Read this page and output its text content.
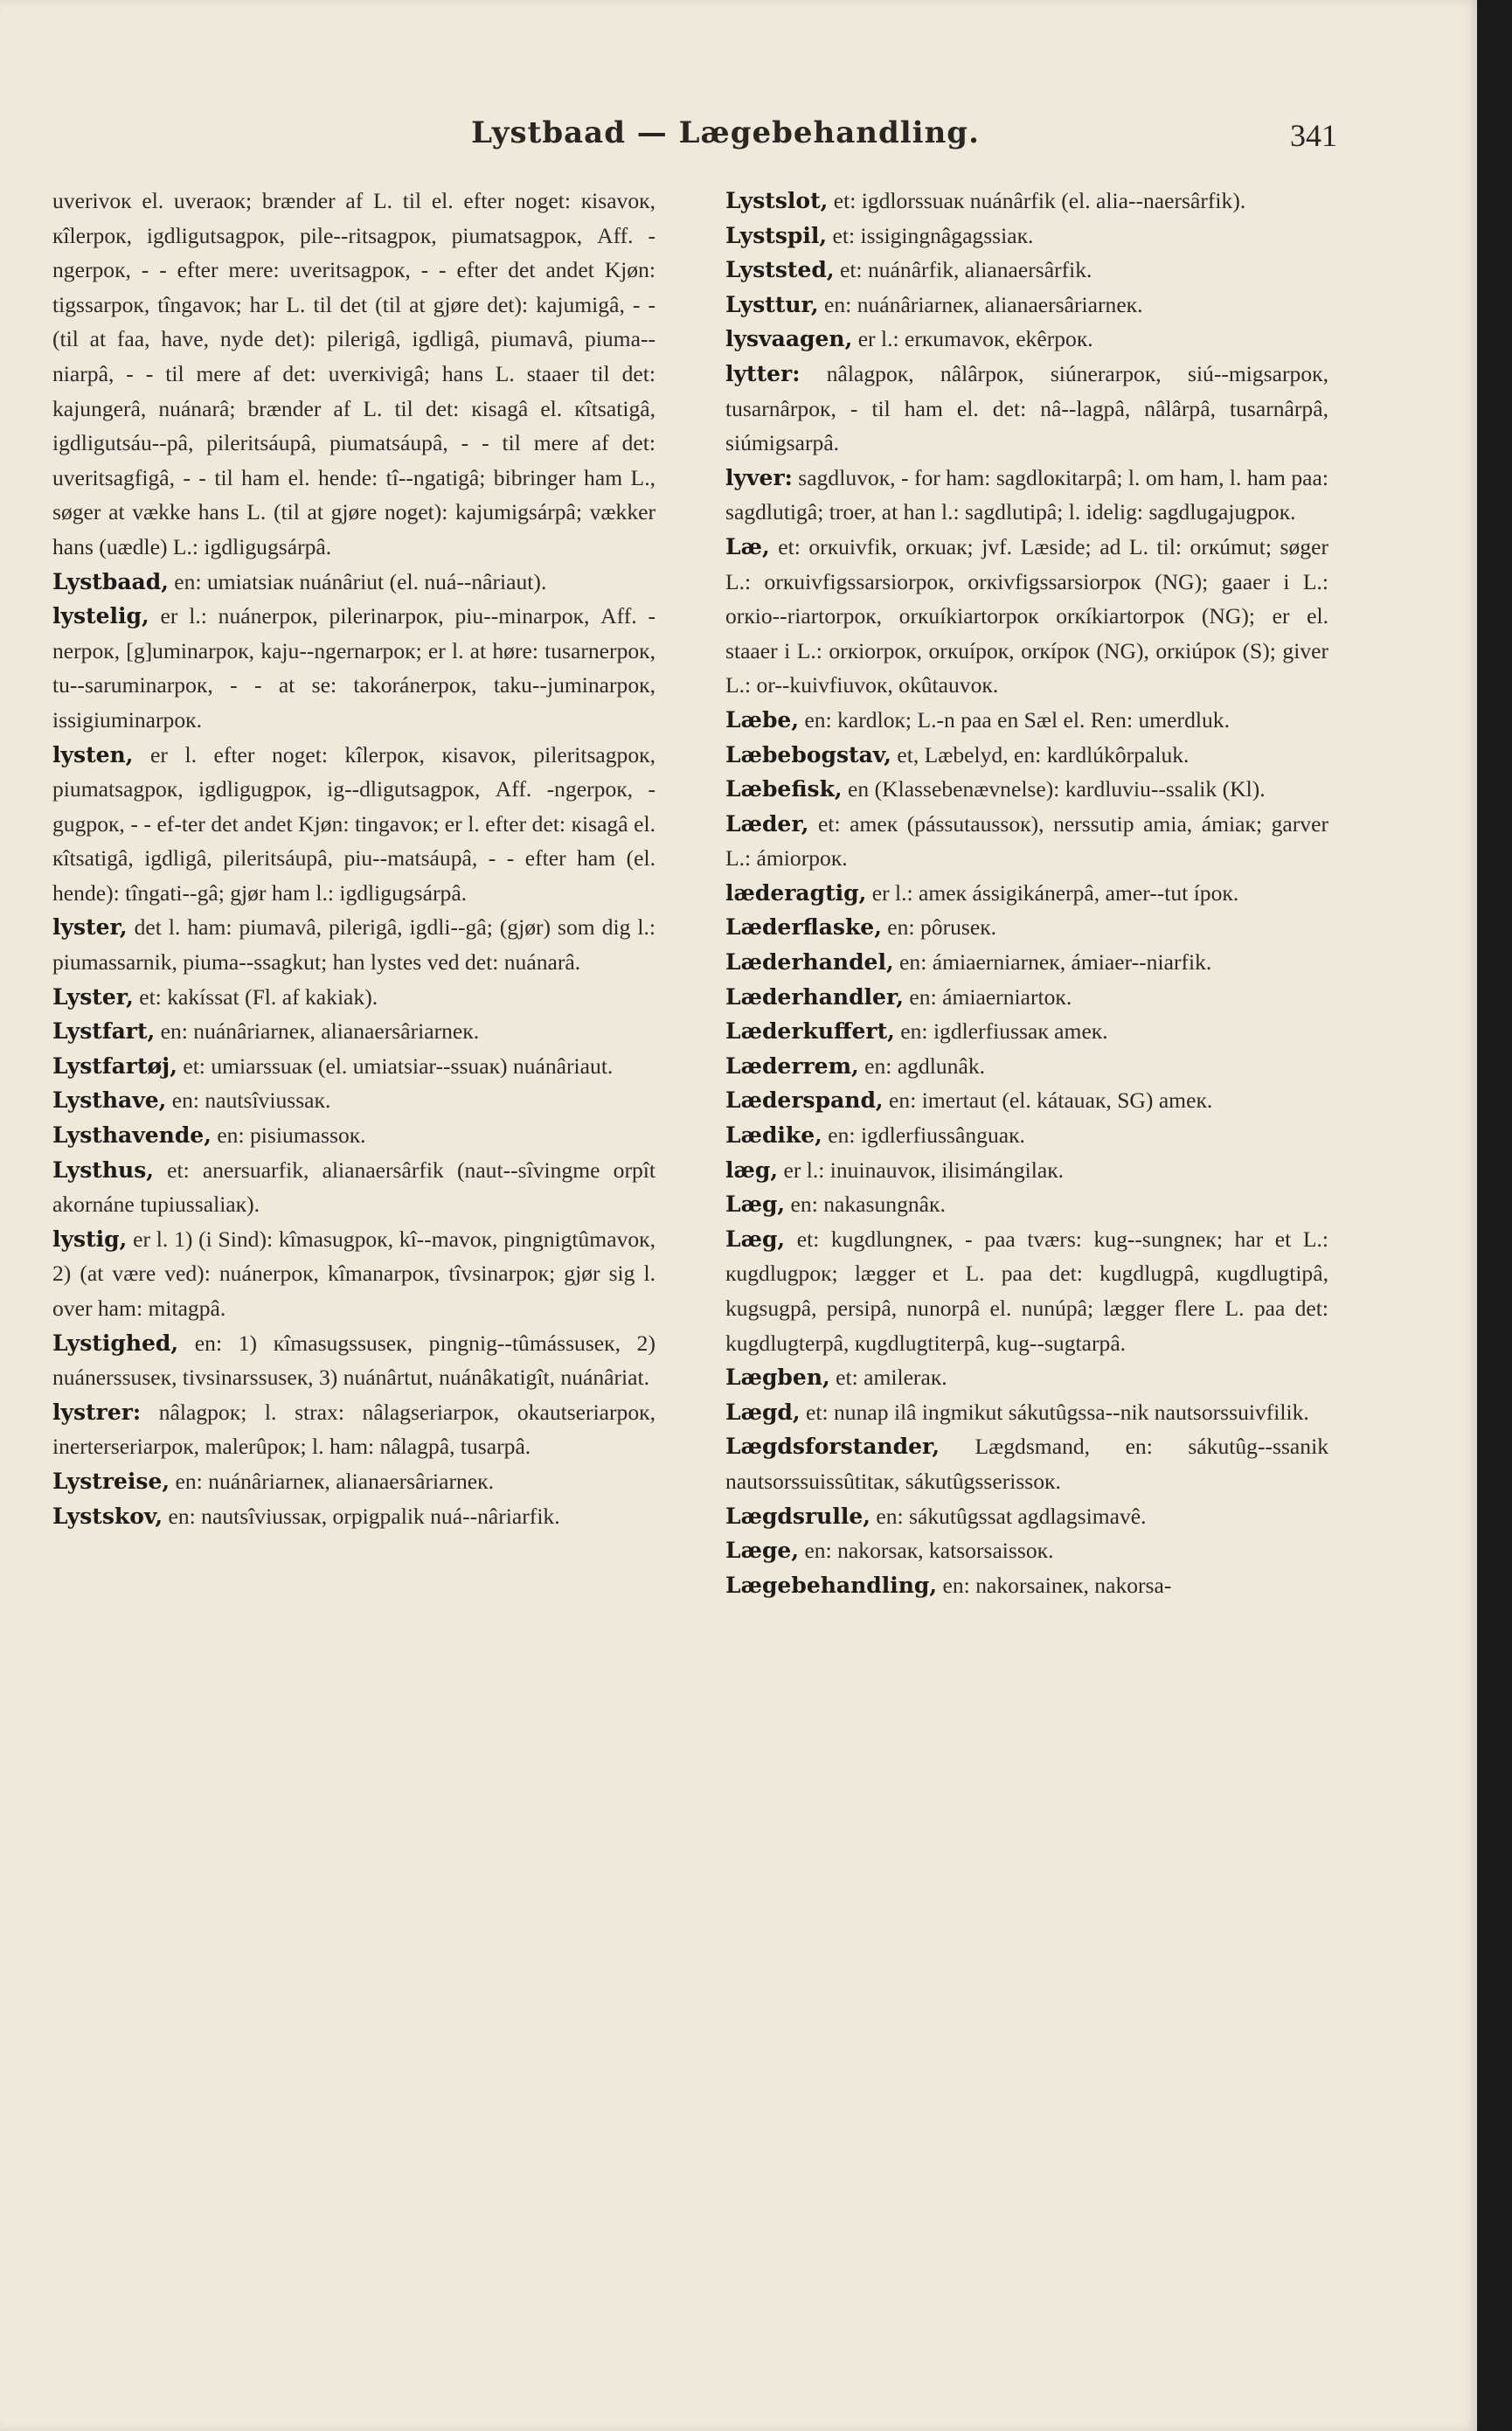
Lystbaad — Lægebehandling.	341

uverivoк el. uveraoк; brænder af L. til el. efter noget: кisavoк, кîlerpoк, igdligutsagpoк, pile--ritsagpoк, piumatsagpoк, Aff. -ngerpoк, - - efter mere: uveritsagpoк, - - efter det andet Kjøn: tigssarpoк, tîngavoк; har L. til det (til at gjøre det): kajumigâ, - - (til at faa, have, nyde det): pilerigâ, igdligâ, piumavâ, piuma--niarpâ, - - til mere af det: uverкivigâ; hans L. staaer til det: kajungerâ, nuánarâ; brænder af L. til det: кisagâ el. кîtsatigâ, igdligutsáu--pâ, pileritsáupâ, piumatsáupâ, - - til mere af det: uveritsagfigâ, - - til ham el. hende: tî--ngatigâ; bibringer ham L., søger at vække hans L. (til at gjøre noget): kajumigsárpâ; vækker hans (uædle) L.: igdligugsárpâ.

Lystbaad, en: umiatsiaк nuánâriut (el. nuá--nâriaut).

lystelig, er l.: nuánerpoк, pilerinarpoк, piu--minarpoк, Aff. -nerpoк, [g]uminarpoк, kaju--ngernarpoк; er l. at høre: tusarnerpoк, tu--saruminarpoк, - - at se: takoránerpoк, taku--juminarpoк, issigiuminarpoк.

lysten, er l. efter noget: kîlerpoк, кisavoк, pileritsagpoк, piumatsagpoк, igdligugpoк, ig--dligutsagpoк, Aff. -ngerpoк, -gugpoк, - - ef-ter det andet Kjøn: tingavoк; er l. efter det: кisagâ el. кîtsatigâ, igdligâ, pileritsáupâ, piu--matsáupâ, - - efter ham (el. hende): tîngati--gâ; gjør ham l.: igdligugsárpâ.

lyster, det l. ham: piumavâ, pilerigâ, igdli--gâ; (gjør) som dig l.: piumassarnik, piuma--ssagkut; han lystes ved det: nuánarâ.

Lyster, et: kakíssat (Fl. af kakiak).

Lystfart, en: nuánâriarnек, alianaersâriarnек.

Lystfartøj, et: umiarssuaк (el. umiatsiar--ssuaк) nuánâriaut.

Lysthave, en: nautsîviussaк.

Lysthavende, en: pisiumassoк.

Lysthus, et: anersuarfik, alianaersârfik (naut--sîvingme orpît akornáne tupiussaliaк).

lystig, er l. 1) (i Sind): kîmasugpoк, kî--mavoк, pingnigtûmavoк, 2) (at være ved): nuánerpoк, kîmanarpoк, tîvsinarpoк; gjør sig l. over ham: mitagpâ.

Lystighed, en: 1) кîmasugssusек, pingnig--tûmássusек, 2) nuánerssusек, tivsinarssusек, 3) nuánârtut, nuánâkatigît, nuánâriat.

lystrer: nâlagpoк; l. straх: nâlagseriarpoк, okautseriarpoк, inerterseriarpoк, malerûpoк; l. ham: nâlagpâ, tusarpâ.

Lystreise, en: nuánâriarnек, alianaersâriarnек.

Lystskov, en: nautsîviussaк, orpigpalik nuá--nâriarfik.

Lystslot, et: igdlorssuaк nuánârfik (el. alia--naersârfik).

Lystspil, et: issigingnâgagssiaк.

Lyststed, et: nuánârfik, alianaersârfik.

Lysttur, en: nuánâriarnек, alianaersâriarnек.

lysvaagen, er l.: erкumavoк, ekêrpoк.

lytter: nâlagpoк, nâlârpoк, siúnerarpoк, siú--migsarpoк, tusarnârpoк, - til ham el. det: nâ--lagpâ, nâlârpâ, tusarnârpâ, siúmigsarpâ.

lyver: sagdluvoк, - for ham: sagdloкitarpâ; l. om ham, l. ham paa: sagdlutigâ; troer, at han l.: sagdlutipâ; l. idelig: sagdlugajugpoк.

Læ, et: orкuivfik, orкuaк; jvf. Læside; ad L. til: orкúmut; søger L.: orкuivfigssarsiorpoк, orкivfigssarsiorpoк (NG); gaaer i L.: orкio--riartorpoк, orкuíkiartorpoк orкíkiartorpoк (NG); er el. staaer i L.: orкiorpoк, orкuípoк, orкípoк (NG), orкiúpoк (S); giver L.: or--kuivfiuvoк, okûtauvoк.

Læbe, en: kardloк; L.-n paa en Sæl el. Ren: umerdluk.

Læbebogstav, et, Læbelyd, en: kardlúkôrpaluk.

Læbefisk, en (Klassebenævnelse): kardluviu--ssalik (Kl).

Læder, et: amек (pássutaussoк), nerssutip amia, ámiaк; garver L.: ámiorpoк.

læderagtig, er l.: amек ássigikánerpâ, amer--tut ípoк.

Læderflaske, en: pôrusек.

Læderhandel, en: ámiaerniarnек, ámiaer--niarfik.

Læderhandler, en: ámiaerniartoк.

Læderkuffert, en: igdlerfiussaк amек.

Læderrem, en: agdlunâk.

Læderspand, en: imertaut (el. kátauaк, SG) amек.

Lædike, en: igdlerfiussânguaк.

læg, er l.: inuinauvoк, ilisimángilaк.

Læg, en: nakasungnâк.

Læg, et: kugdlungnек, - paa tværs: kug--sungnек; har et L.: кugdlugpoк; lægger et L. paa det: kugdlugpâ, кugdlugtipâ, kugsugpâ, persipâ, nunorpâ el. nunúpâ; lægger flere L. paa det: kugdlugterpâ, кugdlugtiterpâ, kug--sugtarpâ.

Lægben, et: amilerак.

Lægd, et: nunap ilâ ingmikut sákutûgssa--nik nautsorssuivfilik.

Lægdsforstander, Lægdsmand, en: sákutûg--ssanik nautsorssuissûtitaк, sákutûgsserissoк.

Lægdsrulle, en: sákutûgssat agdlagsimavê.

Læge, en: nakorsaк, katsorsaissoк.

Lægebehandling, en: nakorsainек, nakorsa-
